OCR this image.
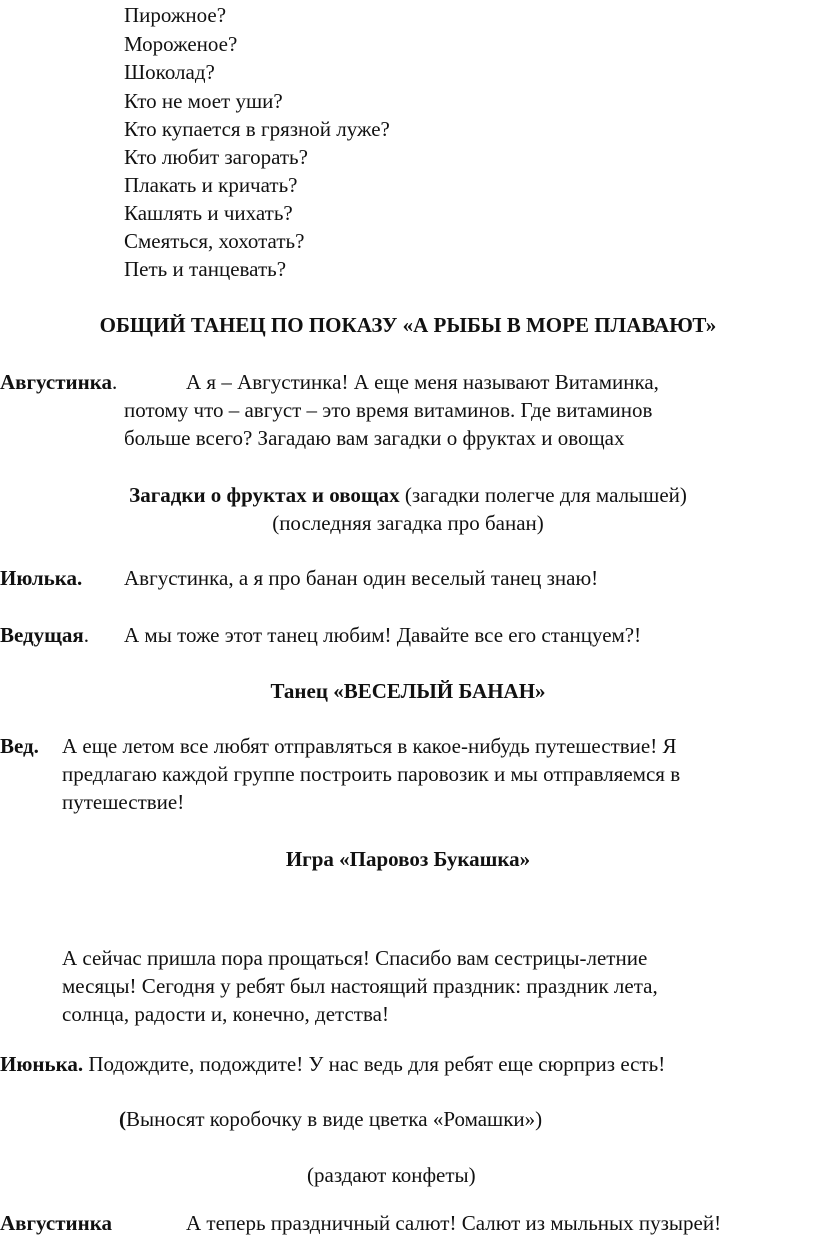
Пирожное?
Мороженое?
Шоколад?
Кто не моет уши?
Кто купается в грязной луже?
Кто любит загорать?
Плакать и кричать?
Кашлять и чихать?
Смеяться, хохотать?
Петь и танцевать?
ОБЩИЙ ТАНЕЦ ПО ПОКАЗУ «А РЫБЫ В МОРЕ ПЛАВАЮТ»
Августинка.	А я – Августинка! А еще меня называют Витаминка,
потому что – август – это время витаминов. Где витаминов
больше всего? Загадаю вам загадки о фруктах и овощах
Загадки о фруктах и овощах (загадки полегче для малышей)
(последняя загадка про банан)
Июлька. Августинка, а я про банан один веселый танец знаю!
Ведущая. А мы тоже этот танец любим! Давайте все его станцуем?!
Танец «ВЕСЕЛЫЙ БАНАН»
Вед. А еще летом все любят отправляться в какое-нибудь путешествие! Я
предлагаю каждой группе построить паровозик и мы отправляемся в
путешествие!
Игра «Паровоз Букашка»
А сейчас пришла пора прощаться! Спасибо вам сестрицы-летние
месяцы! Сегодня у ребят был настоящий праздник: праздник лета,
солнца, радости и, конечно, детства!
Июнька. Подождите, подождите! У нас ведь для ребят еще сюрприз есть!
(Выносят коробочку в виде цветка «Ромашки»)
(раздают конфеты)
Августинка	А теперь праздничный салют! Салют из мыльных пузырей!
